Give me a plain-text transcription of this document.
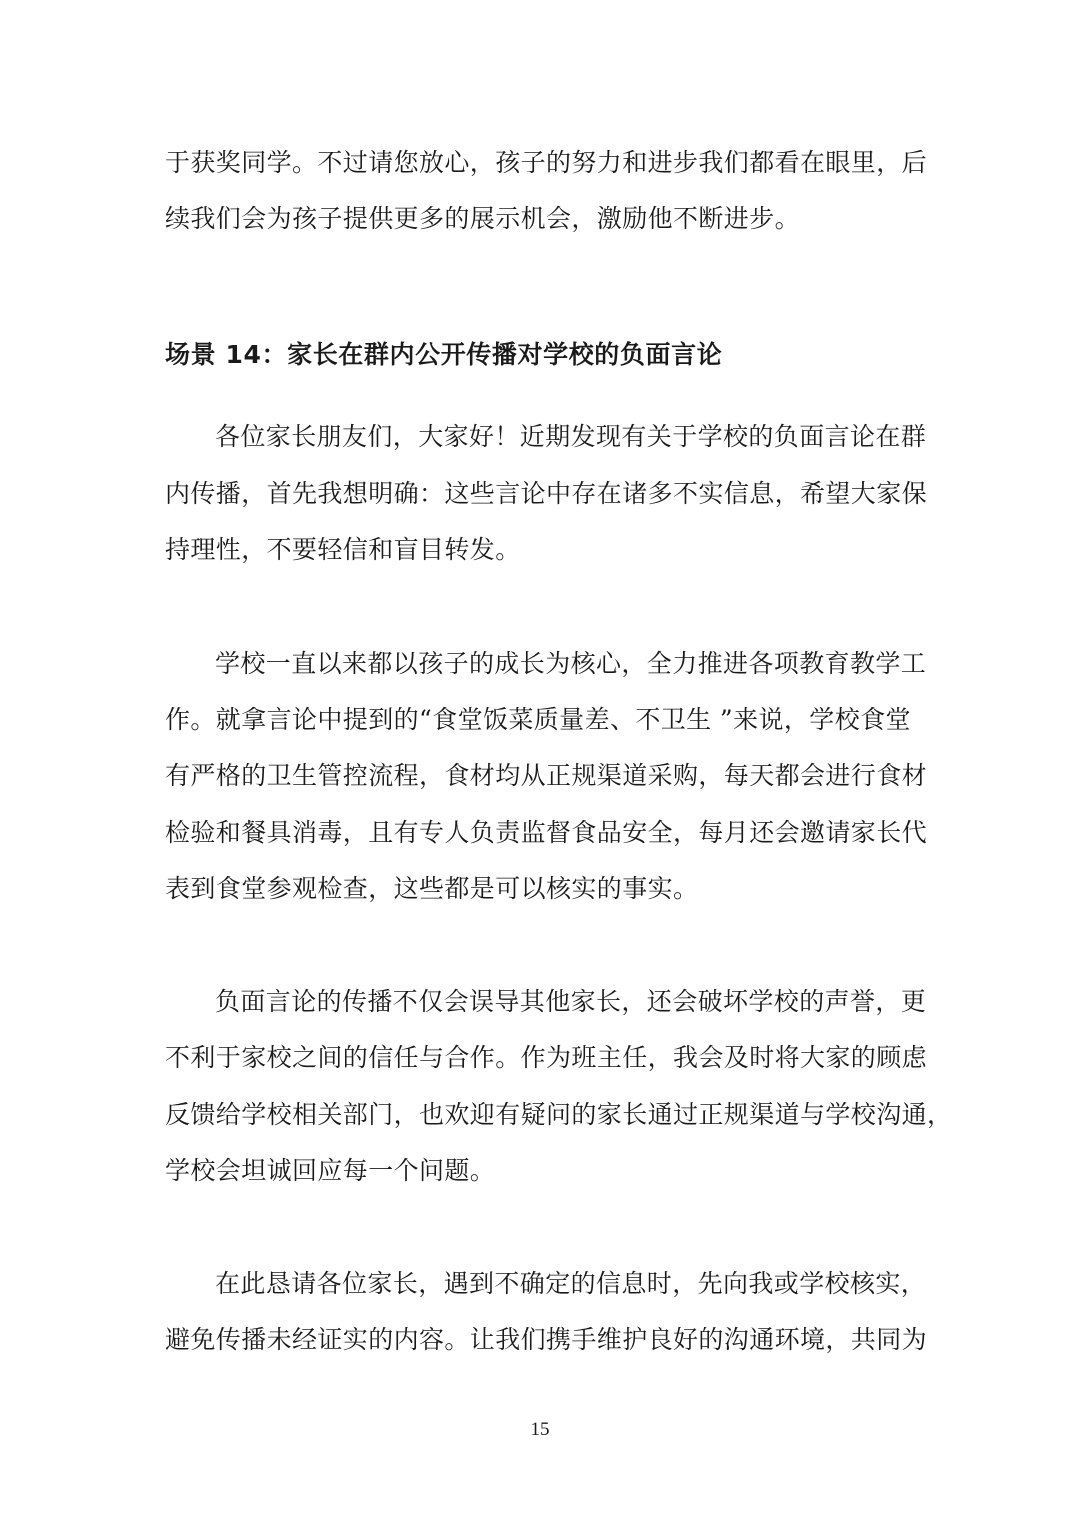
于获奖同学。不过请您放心，孩子的努力和进步我们都看在眼里，后

续我们会为孩子提供更多的展示机会，激励他不断进步。

场景 14：家长在群内公开传播对学校的负面言论

各位家长朋友们，大家好！近期发现有关于学校的负面言论在群

内传播，首先我想明确：这些言论中存在诸多不实信息，希望大家保

持理性，不要轻信和盲目转发。

学校一直以来都以孩子的成长为核心，全力推进各项教育教学工

作。就拿言论中提到的“食堂饭菜质量差、不卫生 ”来说，学校食堂

有严格的卫生管控流程，食材均从正规渠道采购，每天都会进行食材

检验和餐具消毒，且有专人负责监督食品安全，每月还会邀请家长代

表到食堂参观检查，这些都是可以核实的事实。

负面言论的传播不仅会误导其他家长，还会破坏学校的声誉，更

不利于家校之间的信任与合作。作为班主任，我会及时将大家的顾虑

反馈给学校相关部门，也欢迎有疑问的家长通过正规渠道与学校沟通，

学校会坦诚回应每一个问题。

在此恳请各位家长，遇到不确定的信息时，先向我或学校核实，

避免传播未经证实的内容。让我们携手维护良好的沟通环境，共同为

15
